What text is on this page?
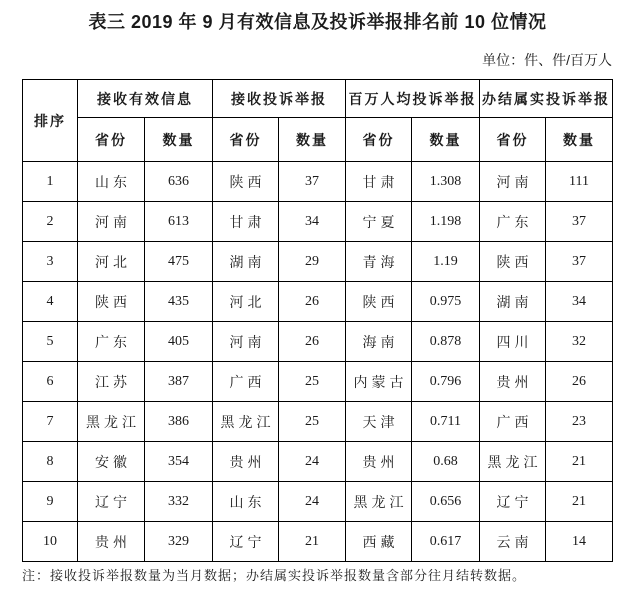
表三 2019 年 9 月有效信息及投诉举报排名前 10 位情况
单位：件、件/百万人
排序	接收有效信息		接收投诉举报		百万人均投诉举报		办结属实投诉举报	
	省份	数量	省份	数量	省份	数量	省份	数量
1	山东	636	陕西	37	甘肃	1.308	河南	111
2	河南	613	甘肃	34	宁夏	1.198	广东	37
3	河北	475	湖南	29	青海	1.19	陕西	37
4	陕西	435	河北	26	陕西	0.975	湖南	34
5	广东	405	河南	26	海南	0.878	四川	32
6	江苏	387	广西	25	内蒙古	0.796	贵州	26
7	黑龙江	386	黑龙江	25	天津	0.711	广西	23
8	安徽	354	贵州	24	贵州	0.68	黑龙江	21
9	辽宁	332	山东	24	黑龙江	0.656	辽宁	21
10	贵州	329	辽宁	21	西藏	0.617	云南	14
注：接收投诉举报数量为当月数据；办结属实投诉举报数量含部分往月结转数据。
